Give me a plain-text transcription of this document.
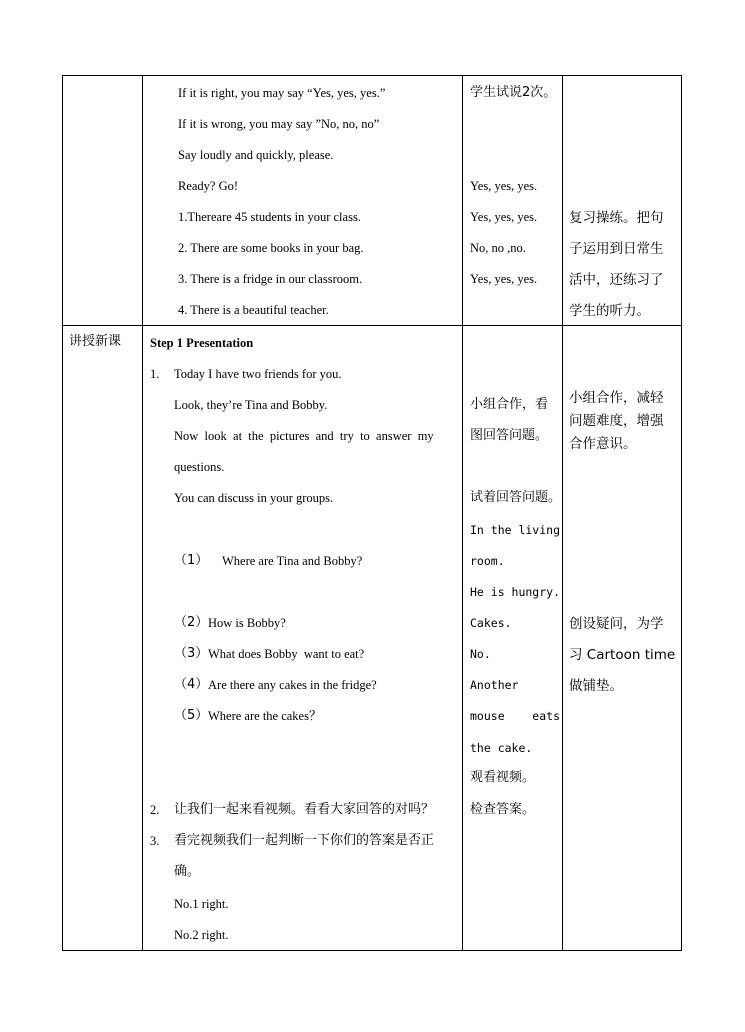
If it is right, you may say “Yes, yes, yes.”
If it is wrong, you may say ”No, no, no”
Say loudly and quickly, please.
Ready? Go!
1.Thereare 45 students in your class.
2. There are some books in your bag.
3. There is a fridge in our classroom.
4. There is a beautiful teacher.
学生试说2次。
Yes, yes, yes.
Yes, yes, yes.
No, no ,no.
Yes, yes, yes.
复习操练。把句
子运用到日常生
活中，还练习了
学生的听力。
讲授新课 Step 1 Presentation
1. Today I have two friends for you.
Look, they’re Tina and Bobby.
Now  look  at  the  pictures  and  try  to  answer  my
questions.
You can discuss in your groups.
（1） Where are Tina and Bobby?
（2） How is Bobby?
（3） What does Bobby  want to eat?
（4） Are there any cakes in the fridge?
（5） Where are the cakes？
2. 让我们一起来看视频。看看大家回答的对吗？
3. 看完视频我们一起判断一下你们的答案是否正
确。
No.1 right.
No.2 right.
小组合作，看
图回答问题。
试着回答问题。
In the living
room.
He is hungry.
Cakes.
No.
Another
mouse    eats
the cake.
观看视频。
检查答案。
小组合作，减轻
问题难度，增强
合作意识。
创设疑问，为学
习 Cartoon time
做铺垫。
